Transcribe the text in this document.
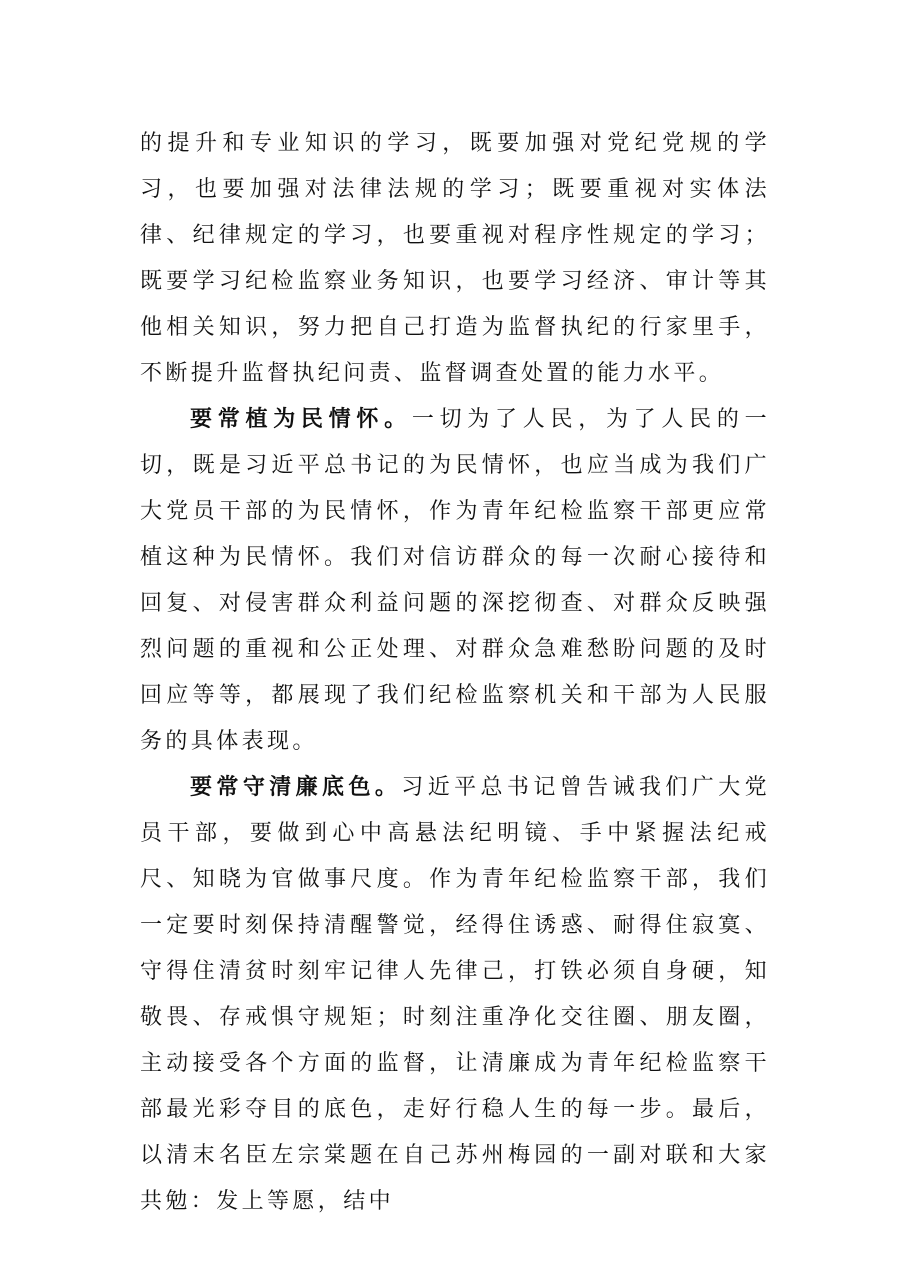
的提升和专业知识的学习，既要加强对党纪党规的学习，也要加强对法律法规的学习；既要重视对实体法律、纪律规定的学习，也要重视对程序性规定的学习；既要学习纪检监察业务知识，也要学习经济、审计等其他相关知识，努力把自己打造为监督执纪的行家里手，不断提升监督执纪问责、监督调查处置的能力水平。

要常植为民情怀。一切为了人民，为了人民的一切，既是习近平总书记的为民情怀，也应当成为我们广大党员干部的为民情怀，作为青年纪检监察干部更应常植这种为民情怀。我们对信访群众的每一次耐心接待和回复、对侵害群众利益问题的深挖彻查、对群众反映强烈问题的重视和公正处理、对群众急难愁盼问题的及时回应等等，都展现了我们纪检监察机关和干部为人民服务的具体表现。

要常守清廉底色。习近平总书记曾告诫我们广大党员干部，要做到心中高悬法纪明镜、手中紧握法纪戒尺、知晓为官做事尺度。作为青年纪检监察干部，我们一定要时刻保持清醒警觉，经得住诱惑、耐得住寂寞、守得住清贫时刻牢记律人先律己，打铁必须自身硬，知敬畏、存戒惧守规矩；时刻注重净化交往圈、朋友圈，主动接受各个方面的监督，让清廉成为青年纪检监察干部最光彩夺目的底色，走好行稳人生的每一步。最后，以清末名臣左宗棠题在自己苏州梅园的一副对联和大家共勉：发上等愿，结中
